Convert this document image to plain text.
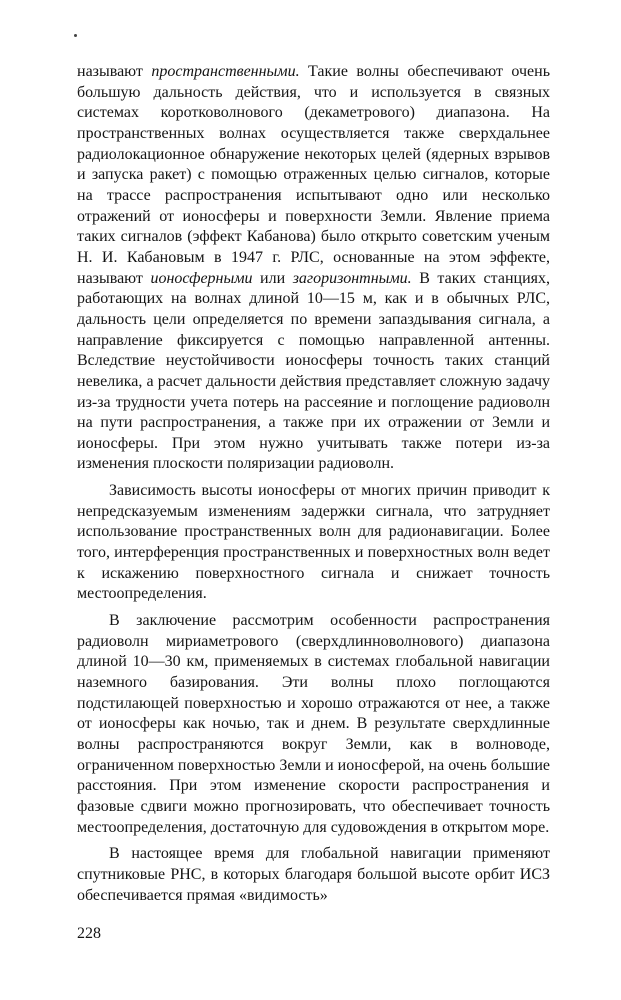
называют пространственными. Такие волны обеспечивают очень большую дальность действия, что и используется в связных системах коротковолнового (декаметрового) диапазона. На пространственных волнах осуществляется также сверхдальнее радиолокационное обнаружение некоторых целей (ядерных взрывов и запуска ракет) с помощью отраженных целью сигналов, которые на трассе распространения испытывают одно или несколько отражений от ионосферы и поверхности Земли. Явление приема таких сигналов (эффект Кабанова) было открыто советским ученым Н. И. Кабановым в 1947 г. РЛС, основанные на этом эффекте, называют ионосферными или загоризонтными. В таких станциях, работающих на волнах длиной 10—15 м, как и в обычных РЛС, дальность цели определяется по времени запаздывания сигнала, а направление фиксируется с помощью направленной антенны. Вследствие неустойчивости ионосферы точность таких станций невелика, а расчет дальности действия представляет сложную задачу из-за трудности учета потерь на рассеяние и поглощение радиоволн на пути распространения, а также при их отражении от Земли и ионосферы. При этом нужно учитывать также потери из-за изменения плоскости поляризации радиоволн.

Зависимость высоты ионосферы от многих причин приводит к непредсказуемым изменениям задержки сигнала, что затрудняет использование пространственных волн для радионавигации. Более того, интерференция пространственных и поверхностных волн ведет к искажению поверхностного сигнала и снижает точность местоопределения.

В заключение рассмотрим особенности распространения радиоволн мириаметрового (сверхдлинноволнового) диапазона длиной 10—30 км, применяемых в системах глобальной навигации наземного базирования. Эти волны плохо поглощаются подстилающей поверхностью и хорошо отражаются от нее, а также от ионосферы как ночью, так и днем. В результате сверхдлинные волны распространяются вокруг Земли, как в волноводе, ограниченном поверхностью Земли и ионосферой, на очень большие расстояния. При этом изменение скорости распространения и фазовые сдвиги можно прогнозировать, что обеспечивает точность местоопределения, достаточную для судовождения в открытом море.

В настоящее время для глобальной навигации применяют спутниковые РНС, в которых благодаря большой высоте орбит ИСЗ обеспечивается прямая «видимость»

228
